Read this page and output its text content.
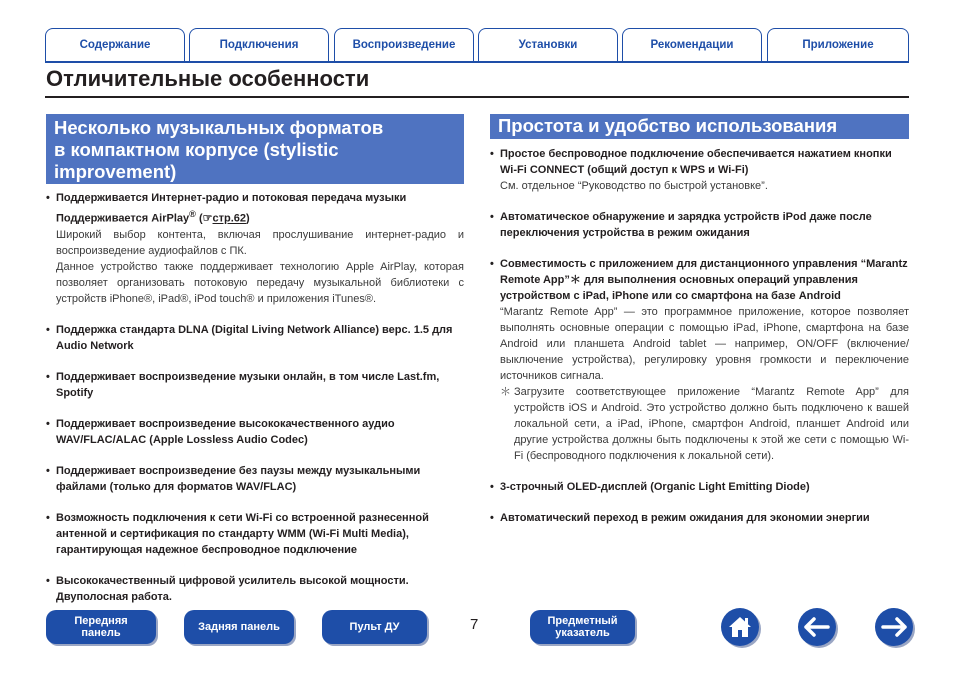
Содержание	Подключения	Воспроизведение	Установки	Рекомендации	Приложение
Отличительные особенности
Несколько музыкальных форматов
в компактном корпусе (stylistic
improvement)
• Поддерживается Интернет-радио и потоковая передача музыки
Поддерживается AirPlay® (☞стр.62)
Широкий выбор контента, включая прослушивание интернет-радио и воспроизведение аудиофайлов с ПК.
Данное устройство также поддерживает технологию Apple AirPlay, которая позволяет организовать потоковую передачу музыкальной библиотеки с устройств iPhone®, iPad®, iPod touch® и приложения iTunes®.
• Поддержка стандарта DLNA (Digital Living Network Alliance) верс. 1.5 для Audio Network
• Поддерживает воспроизведение музыки онлайн, в том числе Last.fm, Spotify
• Поддерживает воспроизведение высококачественного аудио WAV/FLAC/ALAC (Apple Lossless Audio Codec)
• Поддерживает воспроизведение без паузы между музыкальными файлами (только для форматов WAV/FLAC)
• Возможность подключения к сети Wi-Fi со встроенной разнесенной антенной и сертификация по стандарту WMM (Wi-Fi Multi Media), гарантирующая надежное беспроводное подключение
• Высококачественный цифровой усилитель высокой мощности. Двуполосная работа.
Простота и удобство использования
• Простое беспроводное подключение обеспечивается нажатием кнопки Wi-Fi CONNECT (общий доступ к WPS и Wi-Fi)
См. отдельное “Руководство по быстрой установке”.
• Автоматическое обнаружение и зарядка устройств iPod даже после переключения устройства в режим ожидания
• Совместимость с приложением для дистанционного управления “Marantz Remote App”＊ для выполнения основных операций управления устройством с iPad, iPhone или со смартфона на базе Android
“Marantz Remote App” — это программное приложение, которое позволяет выполнять основные операции с помощью iPad, iPhone, смартфона на базе Android или планшета Android tablet — например, ON/OFF (включение/выключение устройства), регулировку уровня громкости и переключение источников сигнала.
＊ Загрузите соответствующее приложение “Marantz Remote App” для устройств iOS и Android. Это устройство должно быть подключено к вашей локальной сети, а iPad, iPhone, смартфон Android, планшет Android или другие устройства должны быть подключены к этой же сети с помощью Wi-Fi (беспроводного подключения к локальной сети).
• 3-строчный OLED-дисплей (Organic Light Emitting Diode)
• Автоматический переход в режим ожидания для экономии энергии
Передняя
панель	Задняя панель	Пульт ДУ	7	Предметный
указатель
